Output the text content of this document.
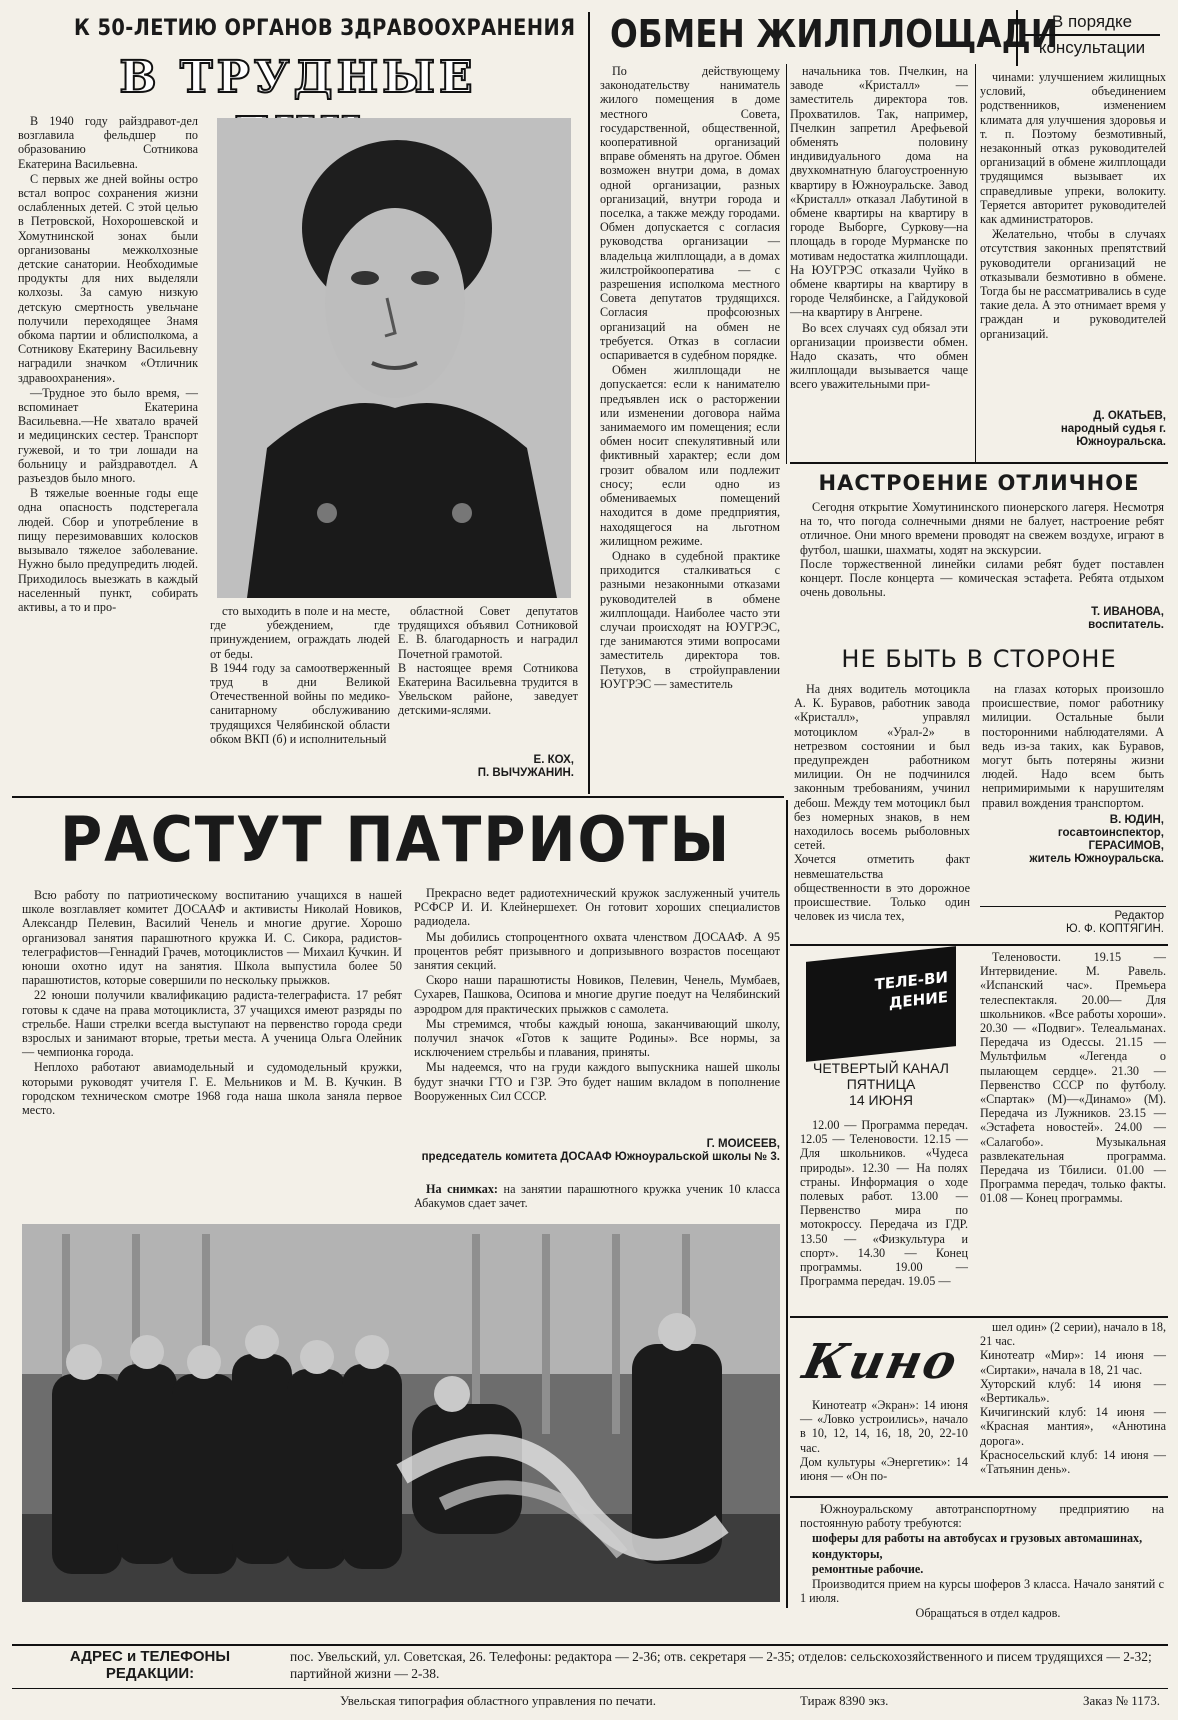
К 50-ЛЕТИЮ ОРГАНОВ ЗДРАВООХРАНЕНИЯ
В ТРУДНЫЕ

В 1940 году райздравот-дел возглавила фельдшер по образованию Сотникова Екатерина Васильевна.

С первых же дней войны остро встал вопрос сохранения жизни ослабленных детей. С этой целью в Петровской, Нохорошевской и Хомутнинской зонах были организованы межколхозные детские санатории. Необходимые продукты для них выделяли колхозы. За самую низкую детскую смертность увельчане получили переходящее Знамя обкома партии и облисполкома, а Сотникову Екатерину Васильевну наградили значком «Отличник здравоохранения».

—Трудное это было время, —вспоминает Екатерина Васильевна.—Не хватало врачей и медицинских сестер. Транспорт гужевой, и то три лошади на больницу и райздравотдел. А разъездов было много.

В тяжелые военные годы еще одна опасность подстерегала людей. Сбор и употребление в пищу перезимовавших колосков вызывало тяжелое заболевание. Нужно было предупредить людей. Приходилось выезжать в каждый населенный пункт, собирать активы, а то и про-	сто выходить в поле и на месте, где убеждением, где принуждением, ограждать людей от беды.
В 1944 году за самоотверженный труд в дни Великой Отечественной войны по медико-санитарному обслуживанию трудящихся Челябинской области обком ВКП (б) и исполнительный

областной Совет депутатов трудящихся объявил Сотниковой Е. В. благодарность и наградил Почетной грамотой.
В настоящее время Сотникова Екатерина Васильевна трудится в Увельском районе, заведует детскими-яслями.

Е. КОХ,
П. ВЫЧУЖАНИН.
ОБМЕН ЖИЛПЛОЩАДИ
В порядке
консультации

По действующему законодательству наниматель жилого помещения в доме местного Совета, государственной, общественной, кооперативной организаций вправе обменять на другое. Обмен возможен внутри дома, в домах одной организации, разных организаций, внутри города и поселка, а также между городами. Обмен допускается с согласия руководства организации — владельца жилплощади, а в домах жилстройкооператива — с разрешения исполкома местного Совета депутатов трудящихся. Согласия профсоюзных организаций на обмен не требуется. Отказ в согласии оспаривается в судебном порядке.

Обмен жилплощади не допускается: если к нанимателю предъявлен иск о расторжении или изменении договора найма занимаемого им помещения; если обмен носит спекулятивный или фиктивный характер; если дом грозит обвалом или подлежит сносу; если одно из обмениваемых помещений находится в доме предприятия, находящегося на льготном жилищном режиме.

Однако в судебной практике приходится сталкиваться с разными незаконными отказами руководителей в обмене жилплощади. Наиболее часто эти случаи происходят на ЮУГРЭС, где занимаются этими вопросами заместитель директора тов. Петухов, в стройуправлении ЮУГРЭС — заместитель

начальника тов. Пчелкин, на заводе «Кристалл» — заместитель директора тов. Прохватилов. Так, например, Пчелкин запретил Арефьевой обменять половину индивидуального дома на двухкомнатную благоустроенную квартиру в Южноуральске. Завод «Кристалл» отказал Лабутиной в обмене квартиры на квартиру в городе Выборге, Суркову—на площадь в городе Мурманске по мотивам недостатка жилплощади. На ЮУГРЭС отказали Чуйко в обмене квартиры на квартиру в городе Челябинске, а Гайдуковой—на квартиру в Ангрене.

Во всех случаях суд обязал эти организации произвести обмен. Надо сказать, что обмен жилплощади вызывается чаще всего уважительными при-

чинами: улучшением жилищных условий, объединением родственников, изменением климата для улучшения здоровья и т. п. Поэтому безмотивный, незаконный отказ руководителей организаций в обмене жилплощади трудящимся вызывает их справедливые упреки, волокиту. Теряется авторитет руководителей как администраторов.

Желательно, чтобы в случаях отсутствия законных препятствий руководители организаций не отказывали безмотивно в обмене. Тогда бы не рассматривались в суде такие дела. А это отнимает время у граждан и руководителей организаций.

Д. ОКАТЬЕВ,
народный судья г. Южноуральска.
НАСТРОЕНИЕ ОТЛИЧНОЕ

Сегодня открытие Хомутининского пионерского лагеря. Несмотря на то, что погода солнечными днями не балует, настроение ребят отличное. Они много времени проводят на свежем воздухе, играют в футбол, шашки, шахматы, ходят на экскурсии.
После торжественной линейки силами ребят будет поставлен концерт. После концерта — комическая эстафета. Ребята отдыхом очень довольны.

Т. ИВАНОВА,
воспитатель.
НЕ БЫТЬ В СТОРОНЕ

На днях водитель мотоцикла А. К. Буравов, работник завода «Кристалл», управлял мотоциклом «Урал-2» в нетрезвом состоянии и был предупрежден работником милиции. Он не подчинился законным требованиям, учинил дебош. Между тем мотоцикл был без номерных знаков, в нем находилось восемь рыболовных сетей.
Хочется отметить факт невмешательства общественности в это дорожное происшествие. Только один человек из числа тех,

на глазах которых произошло происшествие, помог работнику милиции. Остальные были посторонними наблюдателями. А ведь из-за таких, как Буравов, могут быть потеряны жизни людей. Надо всем быть непримиримыми к нарушителям правил вождения транспортом.

В. ЮДИН,
госавтоинспектор,
ГЕРАСИМОВ,
житель Южноуральска.
Редактор
Ю. Ф. КОПТЯГИН.
РАСТУТ ПАТРИОТЫ

Всю работу по патриотическому воспитанию учащихся в нашей школе возглавляет комитет ДОСААФ и активисты Николай Новиков, Александр Пелевин, Василий Ченель и многие другие. Хорошо организовал занятия парашютного кружка И. С. Сикора, радистов-телеграфистов—Геннадий Грачев, мотоциклистов — Михаил Кучкин. И юноши охотно идут на занятия. Школа выпустила более 50 парашютистов, которые совершили по нескольку прыжков.

22 юноши получили квалификацию радиста-телеграфиста. 17 ребят готовы к сдаче на права мотоциклиста, 37 учащихся имеют разряды по стрельбе. Наши стрелки всегда выступают на первенство города среди взрослых и занимают вторые, третьи места. А ученица Ольга Олейник — чемпионка города.

Неплохо работают авиамодельный и судомодельный кружки, которыми руководят учителя Г. Е. Мельников и М. В. Кучкин. В городском техническом смотре 1968 года наша школа заняла первое место.

Прекрасно ведет радиотехнический кружок заслуженный учитель РСФСР И. И. Клейнершехет. Он готовит хороших специалистов радиодела.

Мы добились стопроцентного охвата членством ДОСААФ. А 95 процентов ребят призывного и допризывного возрастов посещают занятия секций.

Скоро наши парашютисты Новиков, Пелевин, Ченель, Мумбаев, Сухарев, Пашкова, Осипова и многие другие поедут на Челябинский аэродром для практических прыжков с самолета.

Мы стремимся, чтобы каждый юноша, заканчивающий школу, получил значок «Готов к защите Родины». Все нормы, за исключением стрельбы и плавания, приняты.

Мы надеемся, что на груди каждого выпускника нашей школы будут значки ГТО и ГЗР. Это будет нашим вкладом в пополнение Вооруженных Сил СССР.

Г. МОИСЕЕВ,
председатель комитета ДОСААФ Южноуральской школы № 3.

На снимках: на занятии парашютного кружка ученик 10 класса Абакумов сдает зачет.

ТЕЛЕ-ВИДЕНИЕ
ЧЕТВЕРТЫЙ КАНАЛ
ПЯТНИЦА
14 ИЮНЯ

12.00 — Программа передач. 12.05 — Теленовости. 12.15 — Для школьников. «Чудеса природы». 12.30 — На полях страны. Информация о ходе полевых работ. 13.00 — Первенство мира по мотокроссу. Передача из ГДР. 13.50 — «Физкультура и спорт». 14.30 — Конец программы. 19.00 — Программа передач. 19.05 —

Теленовости. 19.15 — Интервидение. М. Равель. «Испанский час». Премьера телеспектакля. 20.00— Для школьников. «Все работы хороши». 20.30 — «Подвиг». Телеальманах. Передача из Одессы. 21.15 — Мультфильм «Легенда о пылающем сердце». 21.30 — Первенство СССР по футболу. «Спартак» (М)—«Динамо» (М). Передача из Лужников. 23.15 — «Эстафета новостей». 24.00 — «Салагобо». Музыкальная развлекательная программа. Передача из Тбилиси. 01.00 — Программа передач, только факты. 01.08 — Конец программы.

Кино

Кинотеатр «Экран»: 14 июня — «Ловко устроились», начало в 10, 12, 14, 16, 18, 20, 22-10 час.
Дом культуры «Энергетик»: 14 июня — «Он по-

шел один» (2 серии), начало в 18, 21 час.
Кинотеатр «Мир»: 14 июня — «Сиртаки», начала в 18, 21 час.
Хуторский клуб: 14 июня — «Вертикаль».
Кичигинский клуб: 14 июня — «Красная мантия», «Анютина дорога».
Красносельский клуб: 14 июня — «Татьянин день».

Южноуральскому автотранспортному предприятию на постоянную работу требуются:

шоферы для работы на автобусах и грузовых автомашинах,

кондукторы,

ремонтные рабочие.

Производится прием на курсы шоферов 3 класса. Начало занятий с 1 июля.

Обращаться в отдел кадров.

АДРЕС и ТЕЛЕФОНЫ
РЕДАКЦИИ:
пос. Увельский, ул. Советская, 26. Телефоны: редактора — 2-36; отв. секретаря — 2-35; отделов: сельскохозяйственного и писем трудящихся — 2-32; партийной жизни — 2-38.
Увельская типография областного управления по печати.	Тираж 8390 экз.	Заказ № 1173.
